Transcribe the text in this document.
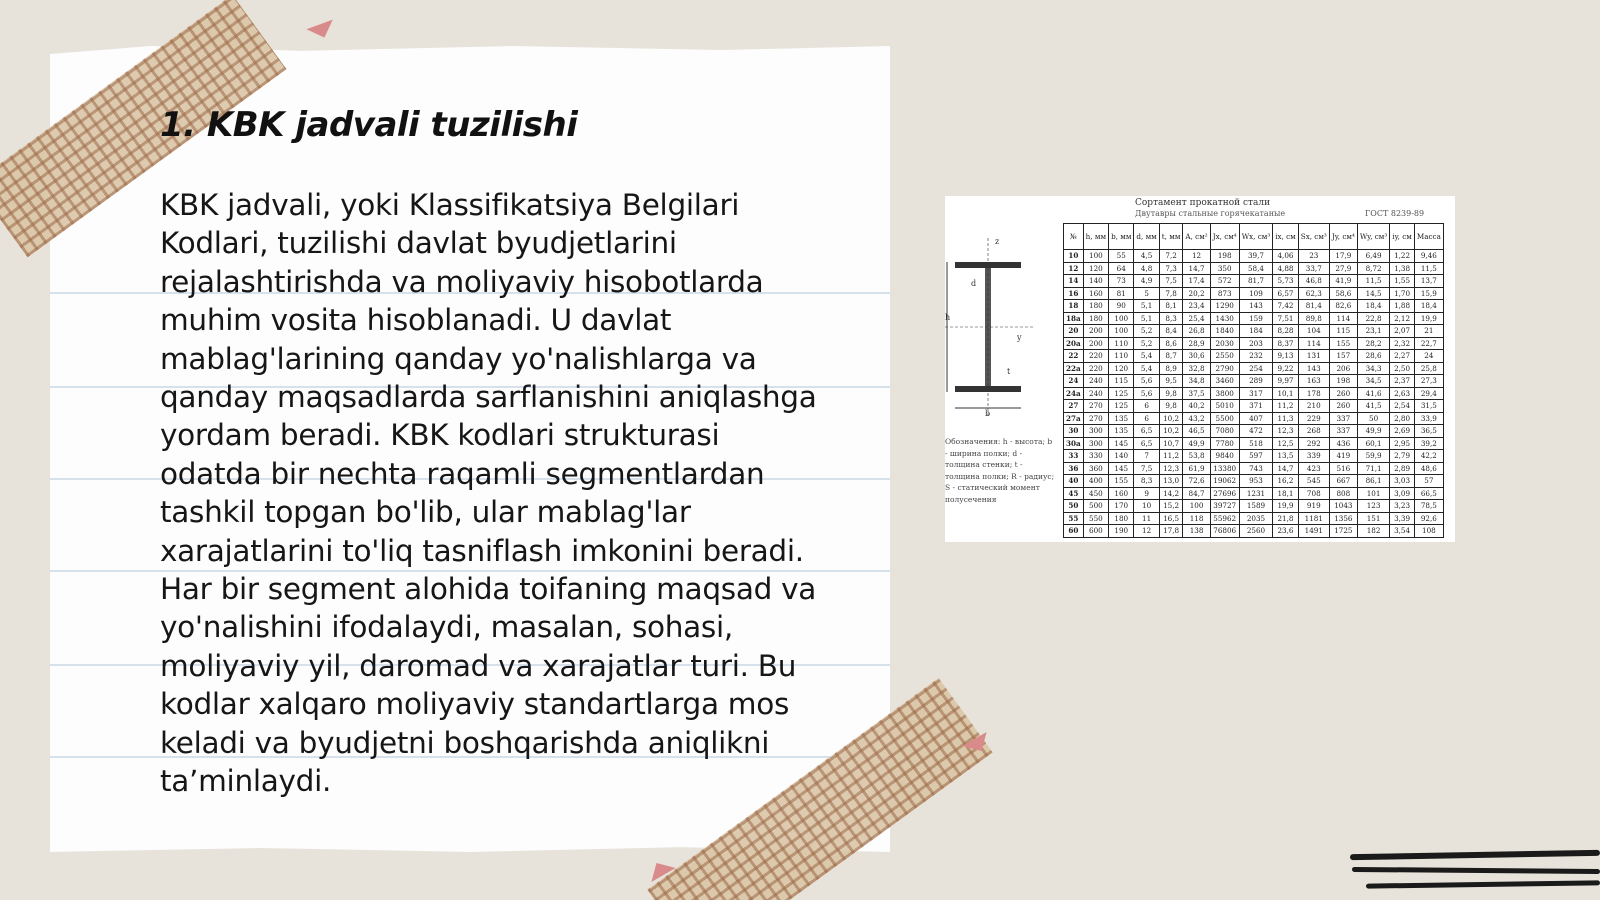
1. KBK jadvali tuzilishi
KBK jadvali, yoki Klassifikatsiya Belgilari Kodlari, tuzilishi davlat byudjetlarini rejalashtirishda va moliyaviy hisobotlarda muhim vosita hisoblanadi. U davlat mablag'larining qanday yo'nalishlarga va qanday maqsadlarda sarflanishini aniqlashga yordam beradi. KBK kodlari strukturasi odatda bir nechta raqamli segmentlardan tashkil topgan bo'lib, ular mablag'lar xarajatlarini to'liq tasniflash imkonini beradi. Har bir segment alohida toifaning maqsad va yo'nalishini ifodalaydi, masalan, sohasi, moliyaviy yil, daromad va xarajatlar turi. Bu kodlar xalqaro moliyaviy standartlarga mos keladi va byudjetni boshqarishda aniqlikni ta’minlaydi.
Сортамент прокатной стали
Двутавры стальные горячекатаные	ГОСТ 8239-89
z
h
d
y
t
b
Обозначения: h - высота; b - ширина полки; d - толщина стенки; t - толщина полки; R - радиус; S - статический момент полусечения
№	h, мм	b, мм	d, мм	t, мм	A, см²	Jx, см⁴	Wx, см³	ix, см	Sx, см³	Jy, см⁴	Wy, см³	iy, см	Масса
10	100	55	4,5	7,2	12	198	39,7	4,06	23	17,9	6,49	1,22	9,46
12	120	64	4,8	7,3	14,7	350	58,4	4,88	33,7	27,9	8,72	1,38	11,5
14	140	73	4,9	7,5	17,4	572	81,7	5,73	46,8	41,9	11,5	1,55	13,7
16	160	81	5	7,8	20,2	873	109	6,57	62,3	58,6	14,5	1,70	15,9
18	180	90	5,1	8,1	23,4	1290	143	7,42	81,4	82,6	18,4	1,88	18,4
18a	180	100	5,1	8,3	25,4	1430	159	7,51	89,8	114	22,8	2,12	19,9
20	200	100	5,2	8,4	26,8	1840	184	8,28	104	115	23,1	2,07	21
20a	200	110	5,2	8,6	28,9	2030	203	8,37	114	155	28,2	2,32	22,7
22	220	110	5,4	8,7	30,6	2550	232	9,13	131	157	28,6	2,27	24
22a	220	120	5,4	8,9	32,8	2790	254	9,22	143	206	34,3	2,50	25,8
24	240	115	5,6	9,5	34,8	3460	289	9,97	163	198	34,5	2,37	27,3
24a	240	125	5,6	9,8	37,5	3800	317	10,1	178	260	41,6	2,63	29,4
27	270	125	6	9,8	40,2	5010	371	11,2	210	260	41,5	2,54	31,5
27a	270	135	6	10,2	43,2	5500	407	11,3	229	337	50	2,80	33,9
30	300	135	6,5	10,2	46,5	7080	472	12,3	268	337	49,9	2,69	36,5
30a	300	145	6,5	10,7	49,9	7780	518	12,5	292	436	60,1	2,95	39,2
33	330	140	7	11,2	53,8	9840	597	13,5	339	419	59,9	2,79	42,2
36	360	145	7,5	12,3	61,9	13380	743	14,7	423	516	71,1	2,89	48,6
40	400	155	8,3	13,0	72,6	19062	953	16,2	545	667	86,1	3,03	57
45	450	160	9	14,2	84,7	27696	1231	18,1	708	808	101	3,09	66,5
50	500	170	10	15,2	100	39727	1589	19,9	919	1043	123	3,23	78,5
55	550	180	11	16,5	118	55962	2035	21,8	1181	1356	151	3,39	92,6
60	600	190	12	17,8	138	76806	2560	23,6	1491	1725	182	3,54	108
